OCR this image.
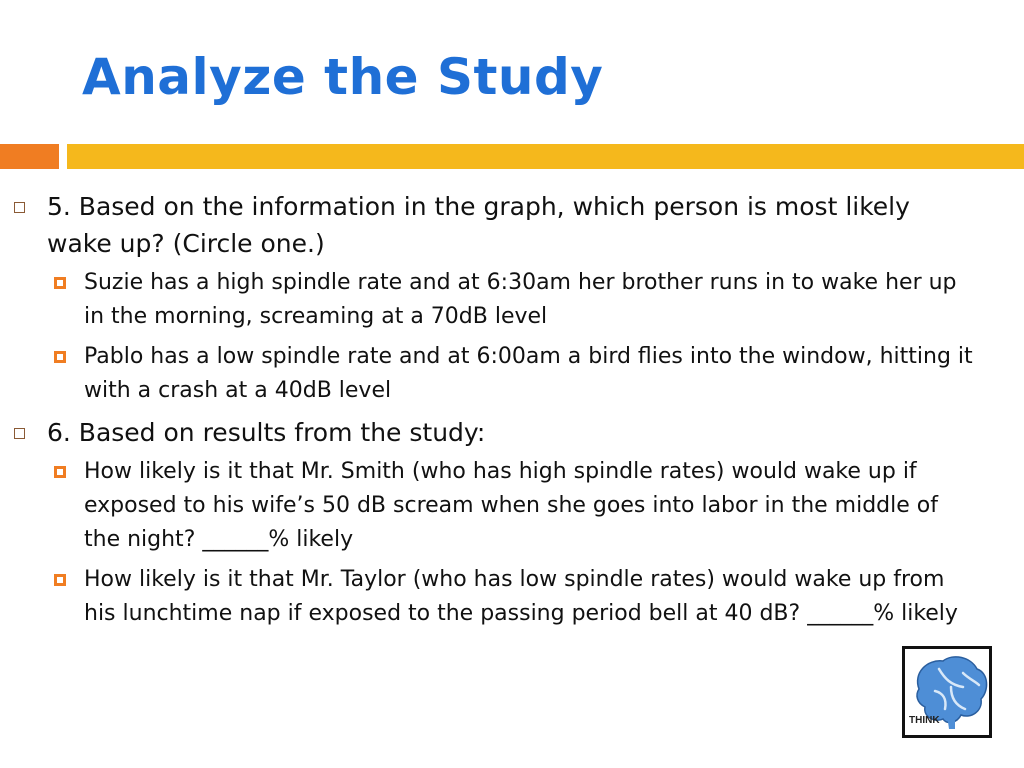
Analyze the Study
5. Based on the information in the graph, which person is most likely wake up? (Circle one.)
Suzie has a high spindle rate and at 6:30am her brother runs in to wake her up in the morning, screaming at a 70dB level
Pablo has a low spindle rate and at 6:00am a bird flies into the window, hitting it with a crash at a 40dB level
6. Based on results from the study:
How likely is it that Mr. Smith (who has high spindle rates) would wake up if exposed to his wife’s 50 dB scream when she goes into labor in the middle of the night? ______% likely
How likely is it that Mr. Taylor (who has low spindle rates) would wake up from his lunchtime nap if exposed to the passing period bell at 40 dB? ______% likely
THINK
